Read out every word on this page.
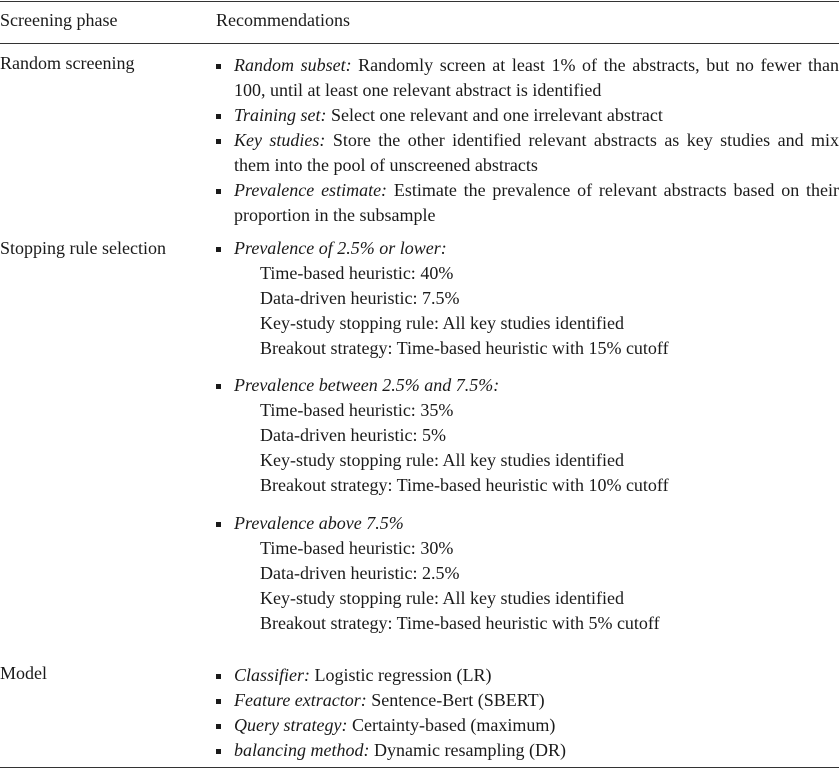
Screening phase	Recommendations
Random screening	Random subset: Randomly screen at least 1% of the abstracts, but no fewer than 100, until at least one relevant abstract is identified
Training set: Select one relevant and one irrelevant abstract
Key studies: Store the other identified relevant abstracts as key studies and mix them into the pool of unscreened abstracts
Prevalence estimate: Estimate the prevalence of relevant abstracts based on their proportion in the subsample
Stopping rule selection	Prevalence of 2.5% or lower:
Time-based heuristic: 40%
Data-driven heuristic: 7.5%
Key-study stopping rule: All key studies identified
Breakout strategy: Time-based heuristic with 15% cutoff
Prevalence between 2.5% and 7.5%:
Time-based heuristic: 35%
Data-driven heuristic: 5%
Key-study stopping rule: All key studies identified
Breakout strategy: Time-based heuristic with 10% cutoff
Prevalence above 7.5%
Time-based heuristic: 30%
Data-driven heuristic: 2.5%
Key-study stopping rule: All key studies identified
Breakout strategy: Time-based heuristic with 5% cutoff
Model	Classifier: Logistic regression (LR)
Feature extractor: Sentence-Bert (SBERT)
Query strategy: Certainty-based (maximum)
balancing method: Dynamic resampling (DR)
